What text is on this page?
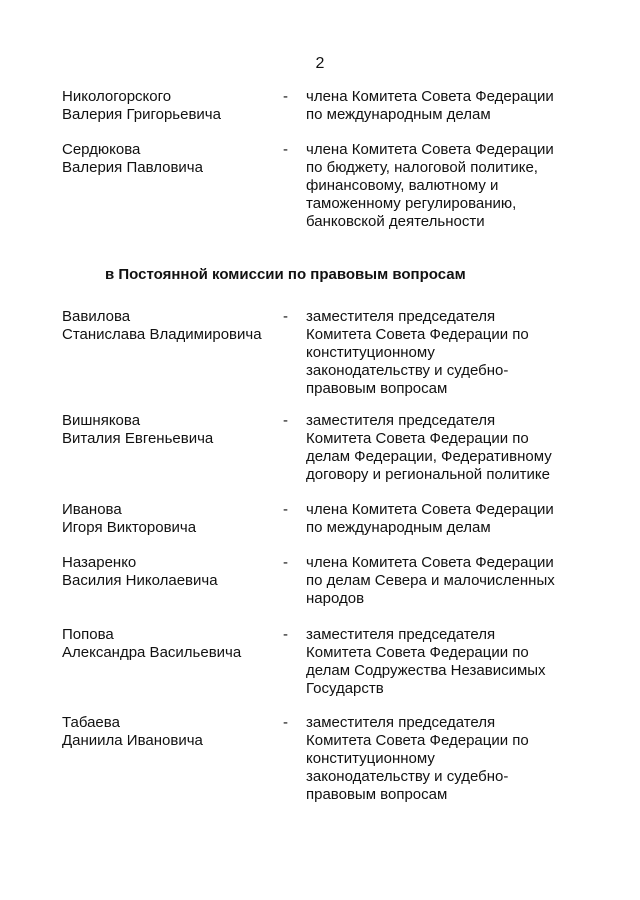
2
Никологорского
Валерия Григорьевича
- члена Комитета Совета Федерации
по международным делам
Сердюкова
Валерия Павловича
- члена Комитета Совета Федерации
по бюджету, налоговой политике,
финансовому, валютному и
таможенному регулированию,
банковской деятельности
в Постоянной комиссии по правовым вопросам
Вавилова
Станислава Владимировича
- заместителя председателя
Комитета Совета Федерации по
конституционному
законодательству и судебно-
правовым вопросам
Вишнякова
Виталия Евгеньевича
- заместителя председателя
Комитета Совета Федерации по
делам Федерации, Федеративному
договору и региональной политике
Иванова
Игоря Викторовича
- члена Комитета Совета Федерации
по международным делам
Назаренко
Василия Николаевича
- члена Комитета Совета Федерации
по делам Севера и малочисленных
народов
Попова
Александра Васильевича
- заместителя председателя
Комитета Совета Федерации по
делам Содружества Независимых
Государств
Табаева
Даниила Ивановича
- заместителя председателя
Комитета Совета Федерации по
конституционному
законодательству и судебно-
правовым вопросам
